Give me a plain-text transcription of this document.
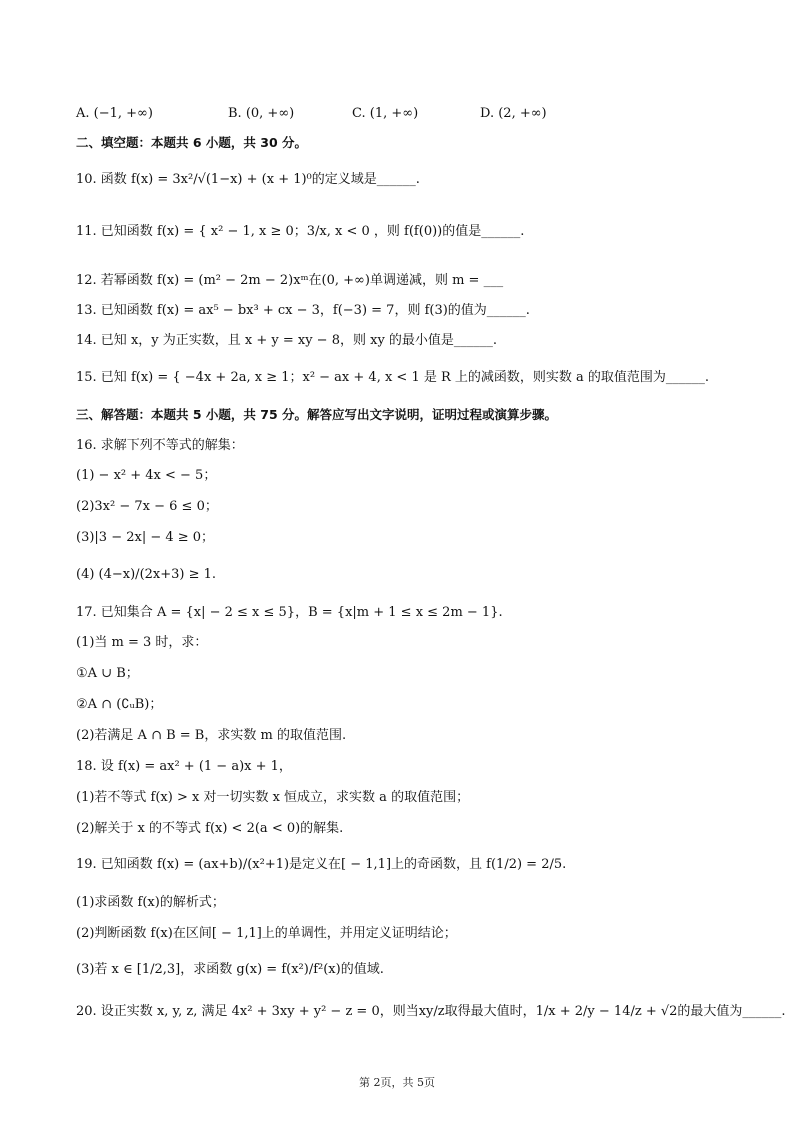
A. (−1, +∞)	B. (0, +∞)	C. (1, +∞)	D. (2, +∞)
二、填空题：本题共 6 小题，共 30 分。
10. 函数 f(x) = 3x²/√(1−x) + (x + 1)⁰的定义域是______.
11. 已知函数 f(x) = { x² − 1, x ≥ 0；3/x, x < 0 ，则 f(f(0))的值是______.
12. 若幂函数 f(x) = (m² − 2m − 2)xᵐ在(0, +∞)单调递减，则 m = ___
13. 已知函数 f(x) = ax⁵ − bx³ + cx − 3，f(−3) = 7，则 f(3)的值为______.
14. 已知 x，y 为正实数，且 x + y = xy − 8，则 xy 的最小值是______.
15. 已知 f(x) = { −4x + 2a, x ≥ 1；x² − ax + 4, x < 1 是 R 上的减函数，则实数 a 的取值范围为______.
三、解答题：本题共 5 小题，共 75 分。解答应写出文字说明，证明过程或演算步骤。
16. 求解下列不等式的解集：
(1) − x² + 4x < − 5；
(2)3x² − 7x − 6 ≤ 0；
(3)|3 − 2x| − 4 ≥ 0；
(4) (4−x)/(2x+3) ≥ 1.
17. 已知集合 A = {x| − 2 ≤ x ≤ 5}，B = {x|m + 1 ≤ x ≤ 2m − 1}.
(1)当 m = 3 时，求：
①A ∪ B；
②A ∩ (∁ᵤB)；
(2)若满足 A ∩ B = B，求实数 m 的取值范围.
18. 设 f(x) = ax² + (1 − a)x + 1，
(1)若不等式 f(x) > x 对一切实数 x 恒成立，求实数 a 的取值范围；
(2)解关于 x 的不等式 f(x) < 2(a < 0)的解集.
19. 已知函数 f(x) = (ax+b)/(x²+1)是定义在[ − 1,1]上的奇函数，且 f(1/2) = 2/5.
(1)求函数 f(x)的解析式；
(2)判断函数 f(x)在区间[ − 1,1]上的单调性，并用定义证明结论；
(3)若 x ∈ [1/2,3]，求函数 g(x) = f(x²)/f²(x)的值域.
20. 设正实数 x, y, z, 满足 4x² + 3xy + y² − z = 0，则当xy/z取得最大值时，1/x + 2/y − 14/z + √2的最大值为______.
第 2页，共 5页
